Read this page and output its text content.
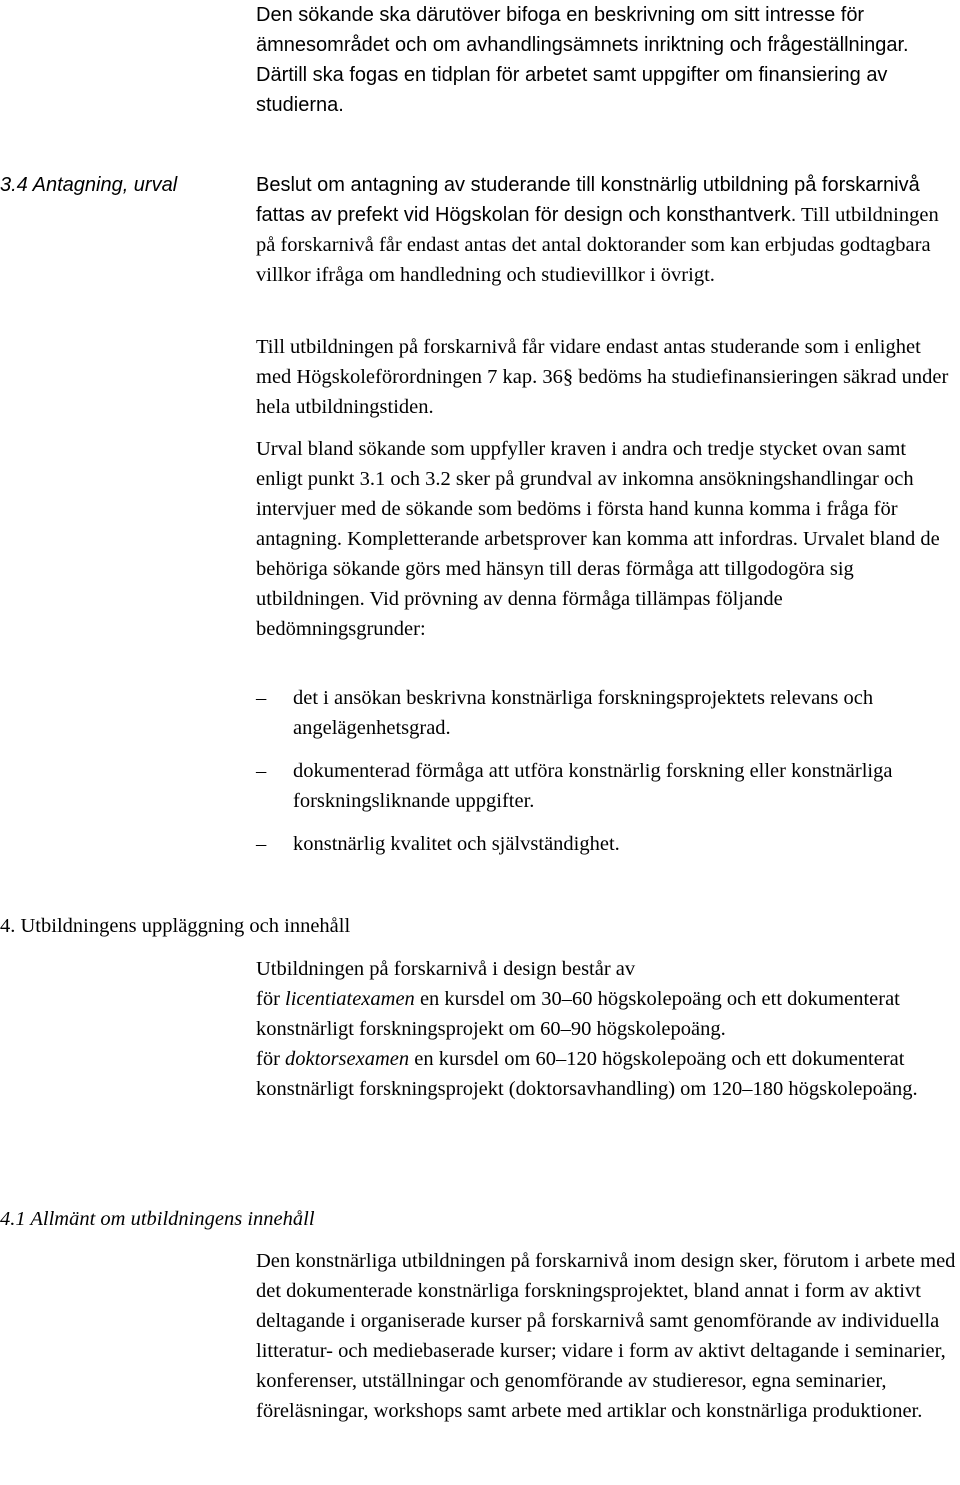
Den sökande ska därutöver bifoga en beskrivning om sitt intresse för ämnesområdet och om avhandlingsämnets inriktning och frågeställningar. Därtill ska fogas en tidplan för arbetet samt uppgifter om finansiering av studierna.

3.4 Antagning, urval	Beslut om antagning av studerande till konstnärlig utbildning på forskarnivå fattas av prefekt vid Högskolan för design och konsthantverk. Till utbildningen på forskarnivå får endast antas det antal doktorander som kan erbjudas godtagbara villkor ifråga om handledning och studievillkor i övrigt.

Till utbildningen på forskarnivå får vidare endast antas studerande som i enlighet med Högskoleförordningen 7 kap. 36§ bedöms ha studiefinansieringen säkrad under hela utbildningstiden.

Urval bland sökande som uppfyller kraven i andra och tredje stycket ovan samt enligt punkt 3.1 och 3.2 sker på grundval av inkomna ansökningshandlingar och intervjuer med de sökande som bedöms i första hand kunna komma i fråga för antagning. Kompletterande arbetsprover kan komma att infordras. Urvalet bland de behöriga sökande görs med hänsyn till deras förmåga att tillgodogöra sig utbildningen. Vid prövning av denna förmåga tillämpas följande bedömningsgrunder:

– det i ansökan beskrivna konstnärliga forskningsprojektets relevans och angelägenhetsgrad.
– dokumenterad förmåga att utföra konstnärlig forskning eller konstnärliga forskningsliknande uppgifter.
– konstnärlig kvalitet och självständighet.
4. Utbildningens uppläggning och innehåll

Utbildningen på forskarnivå i design består av

för licentiatexamen en kursdel om 30–60 högskolepoäng och ett dokumenterat konstnärligt forskningsprojekt om 60–90 högskolepoäng.

för doktorsexamen en kursdel om 60–120 högskolepoäng och ett dokumenterat konstnärligt forskningsprojekt (doktorsavhandling) om 120–180 högskolepoäng.

4.1 Allmänt om utbildningens innehåll

Den konstnärliga utbildningen på forskarnivå inom design sker, förutom i arbete med det dokumenterade konstnärliga forskningsprojektet, bland annat i form av aktivt deltagande i organiserade kurser på forskarnivå samt genomförande av individuella litteratur- och mediebaserade kurser; vidare i form av aktivt deltagande i seminarier, konferenser, utställningar och genomförande av studieresor, egna seminarier, föreläsningar, workshops samt arbete med artiklar och konstnärliga produktioner.
